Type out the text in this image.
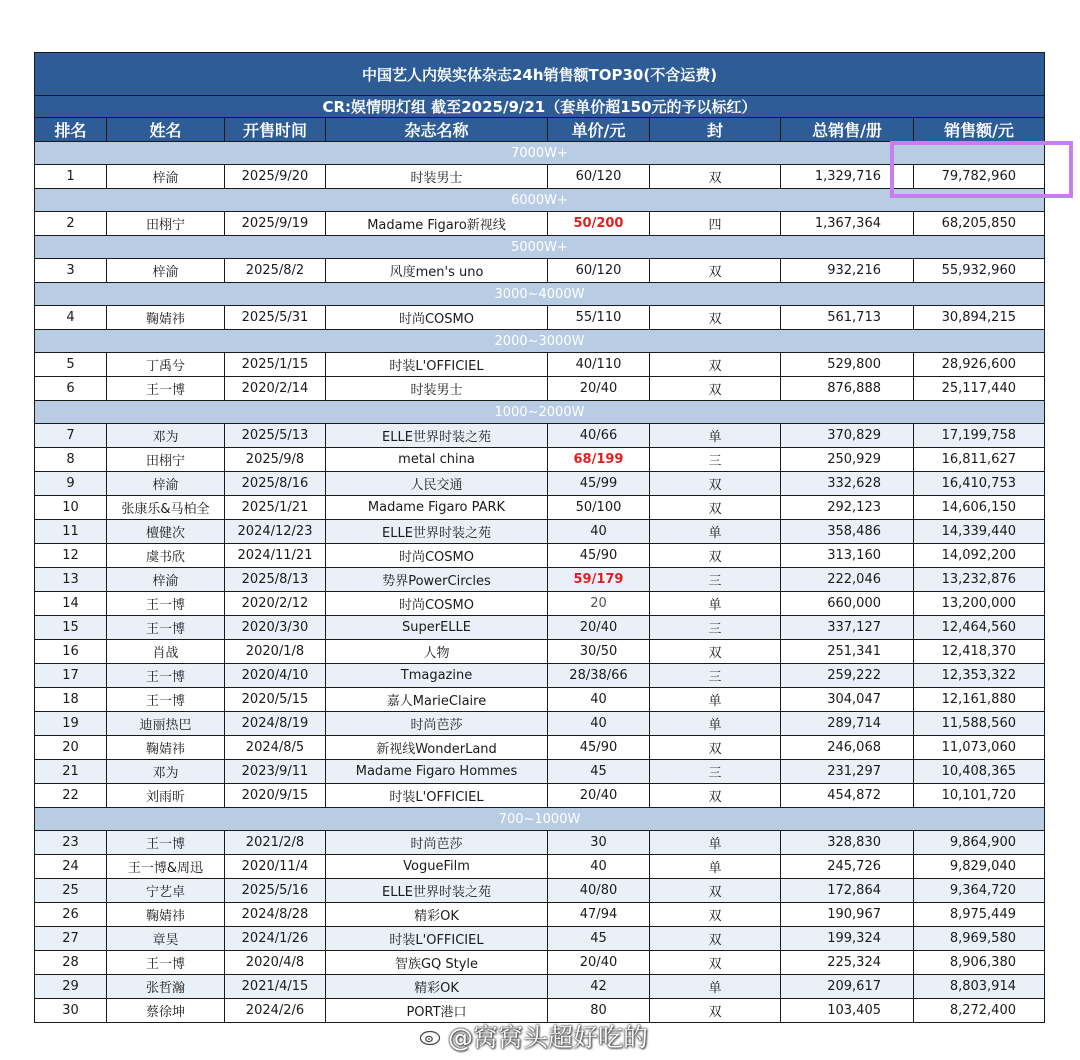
中国艺人内娱实体杂志24h销售额TOP30(不含运费)							
CR:娱情明灯组 截至2025/9/21（套单价超150元的予以标红）							
排名	姓名	开售时间	杂志名称	单价/元	封	总销售/册	销售额/元
7000W+							
1	梓渝	2025/9/20	时装男士	60/120	双	1,329,716	79,782,960
6000W+							
2	田栩宁	2025/9/19	Madame Figaro新视线	50/200	四	1,367,364	68,205,850
5000W+							
3	梓渝	2025/8/2	风度men's uno	60/120	双	932,216	55,932,960
3000~4000W							
4	鞠婧祎	2025/5/31	时尚COSMO	55/110	双	561,713	30,894,215
2000~3000W							
5	丁禹兮	2025/1/15	时装L'OFFICIEL	40/110	双	529,800	28,926,600
6	王一博	2020/2/14	时装男士	20/40	双	876,888	25,117,440
1000~2000W							
7	邓为	2025/5/13	ELLE世界时装之苑	40/66	单	370,829	17,199,758
8	田栩宁	2025/9/8	metal china	68/199	三	250,929	16,811,627
9	梓渝	2025/8/16	人民交通	45/99	双	332,628	16,410,753
10	张康乐&马柏全	2025/1/21	Madame Figaro PARK	50/100	双	292,123	14,606,150
11	檀健次	2024/12/23	ELLE世界时装之苑	40	单	358,486	14,339,440
12	虞书欣	2024/11/21	时尚COSMO	45/90	双	313,160	14,092,200
13	梓渝	2025/8/13	势界PowerCircles	59/179	三	222,046	13,232,876
14	王一博	2020/2/12	时尚COSMO	20	单	660,000	13,200,000
15	王一博	2020/3/30	SuperELLE	20/40	三	337,127	12,464,560
16	肖战	2020/1/8	人物	30/50	双	251,341	12,418,370
17	王一博	2020/4/10	Tmagazine	28/38/66	三	259,222	12,353,322
18	王一博	2020/5/15	嘉人MarieClaire	40	单	304,047	12,161,880
19	迪丽热巴	2024/8/19	时尚芭莎	40	单	289,714	11,588,560
20	鞠婧祎	2024/8/5	新视线WonderLand	45/90	双	246,068	11,073,060
21	邓为	2023/9/11	Madame Figaro Hommes	45	三	231,297	10,408,365
22	刘雨昕	2020/9/15	时装L'OFFICIEL	20/40	双	454,872	10,101,720
700~1000W							
23	王一博	2021/2/8	时尚芭莎	30	单	328,830	9,864,900
24	王一博&周迅	2020/11/4	VogueFilm	40	单	245,726	9,829,040
25	宁艺卓	2025/5/16	ELLE世界时装之苑	40/80	双	172,864	9,364,720
26	鞠婧祎	2024/8/28	精彩OK	47/94	双	190,967	8,975,449
27	章昊	2024/1/26	时装L'OFFICIEL	45	双	199,324	8,969,580
28	王一博	2020/4/8	智族GQ Style	20/40	双	225,324	8,906,380
29	张哲瀚	2021/4/15	精彩OK	42	单	209,617	8,803,914
30	蔡徐坤	2024/2/6	PORT港口	80	双	103,405	8,272,400
@窝窝头超好吃的
